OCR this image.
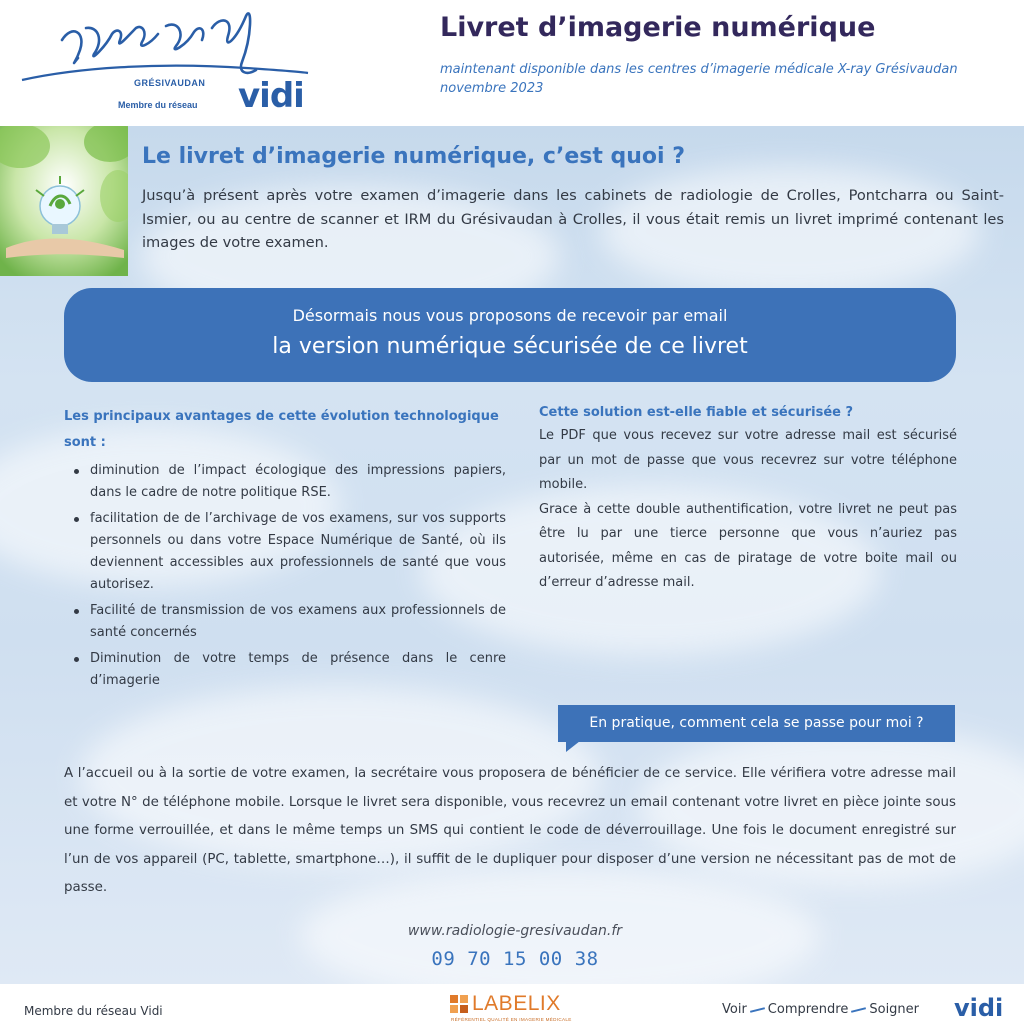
GRÉSIVAUDAN
Membre du réseau vidi
Livret d’imagerie numérique
maintenant disponible dans les centres d’imagerie médicale X-ray Grésivaudan novembre 2023
Le livret d’imagerie numérique, c’est quoi ?

Jusqu’à présent après votre examen d’imagerie dans les cabinets de radiologie de Crolles, Pontcharra ou Saint-Ismier, ou au centre de scanner et IRM du Grésivaudan à Crolles, il vous était remis un livret imprimé contenant les images de votre examen.

Désormais nous vous proposons de recevoir par email
la version numérique sécurisée de ce livret
Les principaux avantages de cette évolution technologique sont :
diminution de l’impact écologique des impressions papiers, dans le cadre de notre politique RSE.
facilitation de de l’archivage de vos examens, sur vos supports personnels ou dans votre Espace Numérique de Santé, où ils deviennent accessibles aux professionnels de santé que vous autorisez.
Facilité de transmission de vos examens aux professionnels de santé concernés
Diminution de votre temps de présence dans le cenre d’imagerie
Cette solution est-elle fiable et sécurisée ?

Le PDF que vous recevez sur votre adresse mail est sécurisé par un mot de passe que vous recevrez sur votre téléphone mobile.

Grace à cette double authentification, votre livret ne peut pas être lu par une tierce personne que vous n’auriez pas autorisée, même en cas de piratage de votre boite mail ou d’erreur d’adresse mail.

En pratique, comment cela se passe pour moi ?

A l’accueil ou à la sortie de votre examen, la secrétaire vous proposera de bénéficier de ce service. Elle vérifiera votre adresse mail et votre N° de téléphone mobile. Lorsque le livret sera disponible, vous recevrez un email contenant votre livret en pièce jointe sous une forme verrouillée, et dans le même temps un SMS qui contient le code de déverrouillage. Une fois le document enregistré sur l’un de vos appareil (PC, tablette, smartphone…), il suffit de le dupliquer pour disposer d’une version ne nécessitant pas de mot de passe.

www.radiologie-gresivaudan.fr
09 70 15 00 38
Membre du réseau Vidi	LABELIX
RÉFÉRENTIEL QUALITÉ EN IMAGERIE MÉDICALE
Voir Comprendre Soigner vidi
